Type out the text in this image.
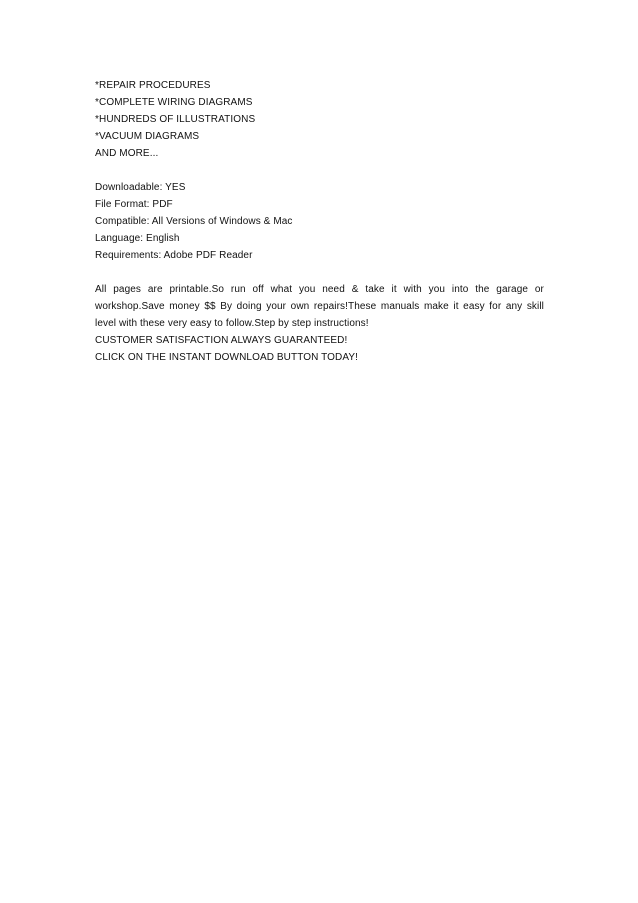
*REPAIR PROCEDURES
*COMPLETE WIRING DIAGRAMS
*HUNDREDS OF ILLUSTRATIONS
*VACUUM DIAGRAMS
AND MORE...
Downloadable: YES
File Format: PDF
Compatible: All Versions of Windows & Mac
Language: English
Requirements: Adobe PDF Reader
All pages are printable.So run off what you need & take it with you into the garage or workshop.Save money $$ By doing your own repairs!These manuals make it easy for any skill level with these very easy to follow.Step by step instructions!
CUSTOMER SATISFACTION ALWAYS GUARANTEED!
CLICK ON THE INSTANT DOWNLOAD BUTTON TODAY!
